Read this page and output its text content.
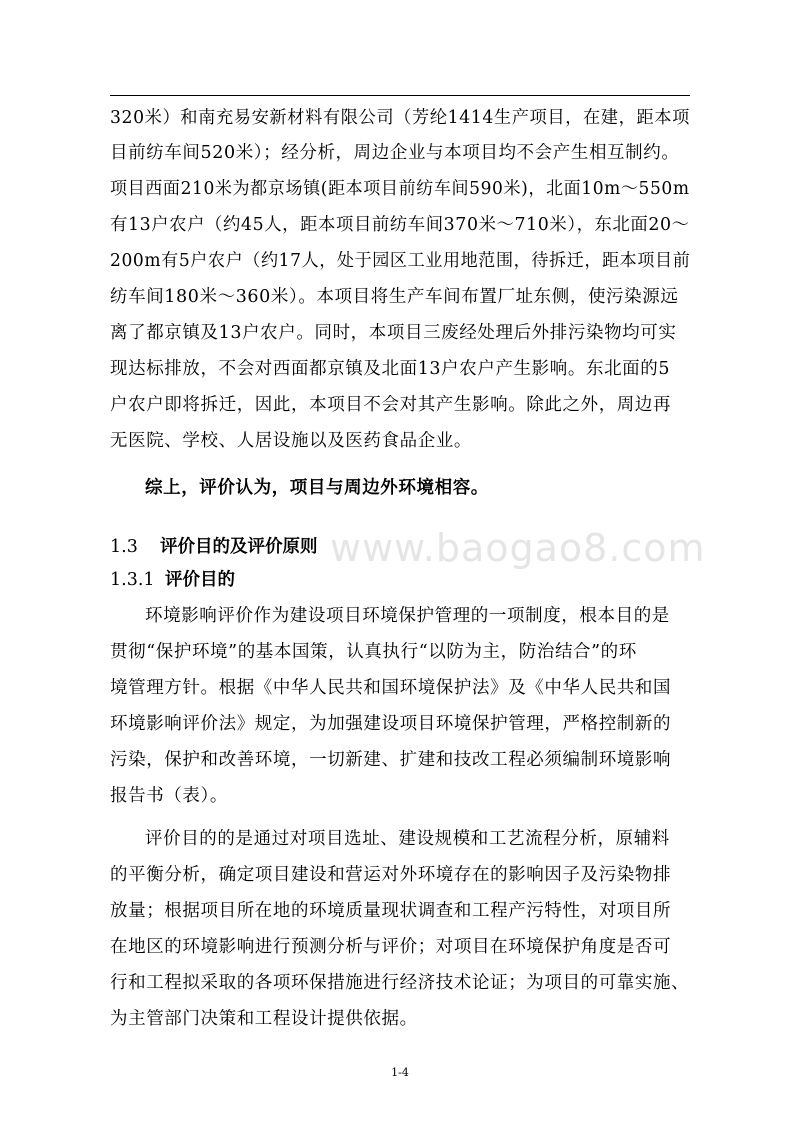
320米）和南充易安新材料有限公司（芳纶1414生产项目，在建，距本项
目前纺车间520米）；经分析，周边企业与本项目均不会产生相互制约。
项目西面210米为都京场镇(距本项目前纺车间590米)，北面10m～550m
有13户农户（约45人，距本项目前纺车间370米～710米），东北面20～
200m有5户农户（约17人，处于园区工业用地范围，待拆迁，距本项目前
纺车间180米～360米）。本项目将生产车间布置厂址东侧，使污染源远
离了都京镇及13户农户。同时，本项目三废经处理后外排污染物均可实
现达标排放，不会对西面都京镇及北面13户农户产生影响。东北面的5
户农户即将拆迁，因此，本项目不会对其产生影响。除此之外，周边再
无医院、学校、人居设施以及医药食品企业。
综上，评价认为，项目与周边外环境相容。
1.3 评价目的及评价原则
1.3.1 评价目的
环境影响评价作为建设项目环境保护管理的一项制度，根本目的是
贯彻“保护环境”的基本国策，认真执行“以防为主，防治结合”的环
境管理方针。根据《中华人民共和国环境保护法》及《中华人民共和国
环境影响评价法》规定，为加强建设项目环境保护管理，严格控制新的
污染，保护和改善环境，一切新建、扩建和技改工程必须编制环境影响
报告书（表）。
评价目的的是通过对项目选址、建设规模和工艺流程分析，原辅料
的平衡分析，确定项目建设和营运对外环境存在的影响因子及污染物排
放量；根据项目所在地的环境质量现状调查和工程产污特性，对项目所
在地区的环境影响进行预测分析与评价；对项目在环境保护角度是否可
行和工程拟采取的各项环保措施进行经济技术论证；为项目的可靠实施、
为主管部门决策和工程设计提供依据。
www.baogao8.com
1-4
